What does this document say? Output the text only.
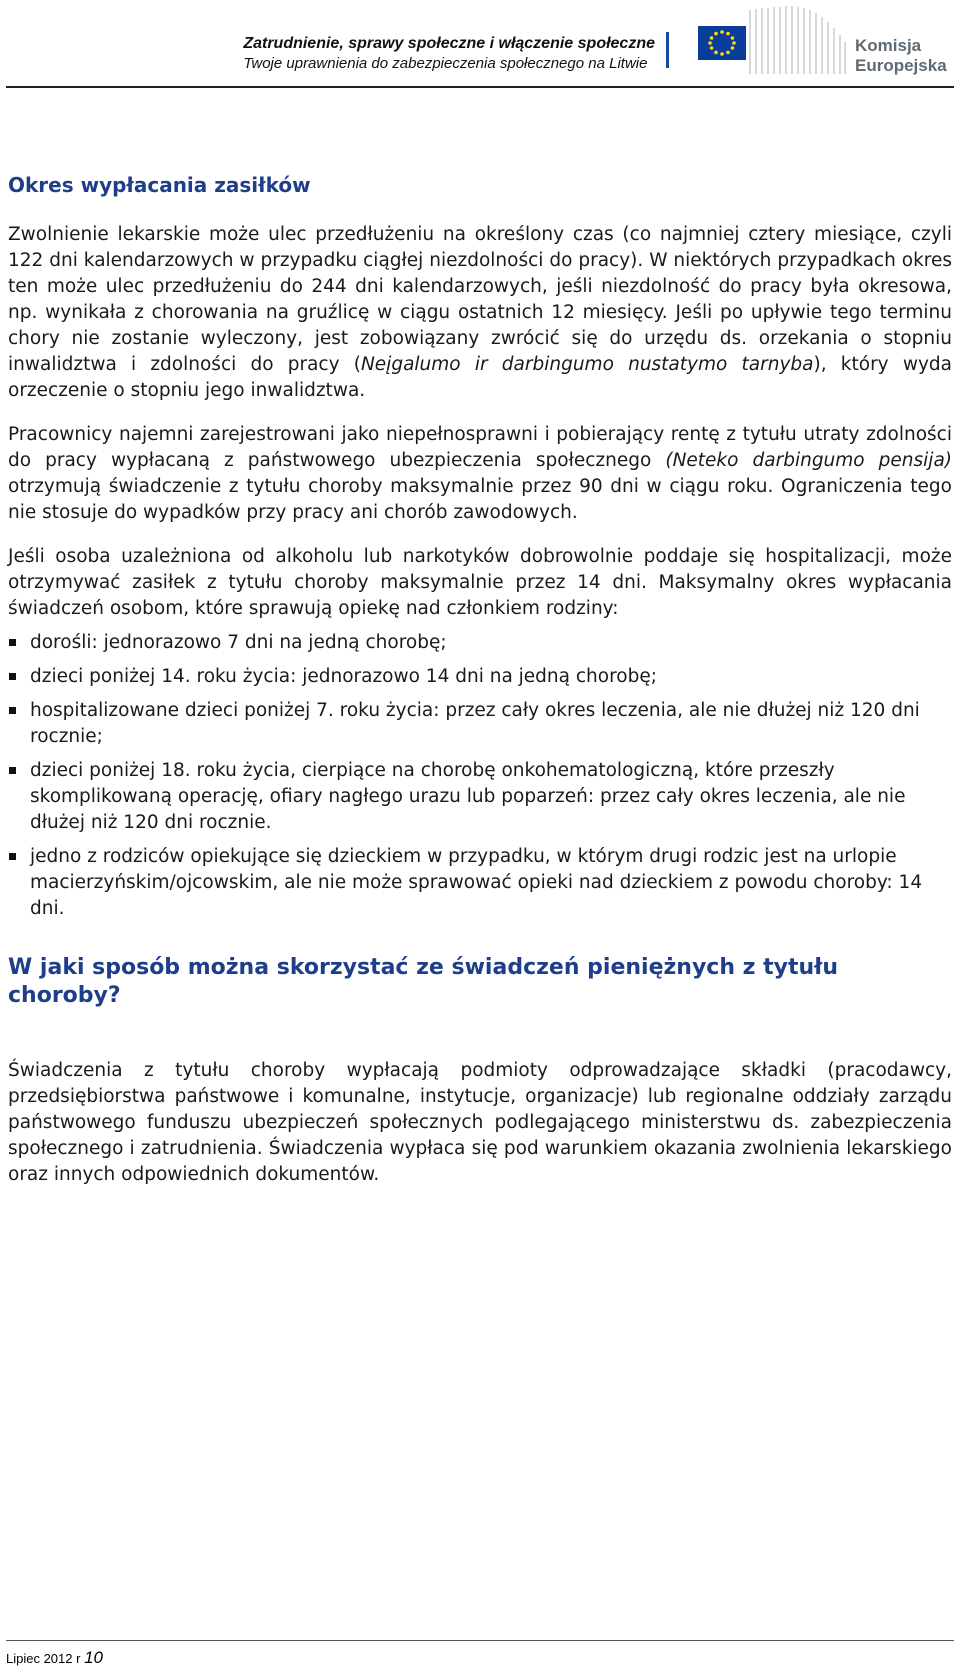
Zatrudnienie, sprawy społeczne i włączenie społeczne
Twoje uprawnienia do zabezpieczenia społecznego na Litwie
Komisja
Europejska
Okres wypłacania zasiłków

Zwolnienie lekarskie może ulec przedłużeniu na określony czas (co najmniej cztery miesiące, czyli 122 dni kalendarzowych w przypadku ciągłej niezdolności do pracy). W niektórych przypadkach okres ten może ulec przedłużeniu do 244 dni kalendarzowych, jeśli niezdolność do pracy była okresowa, np. wynikała z chorowania na gruźlicę w ciągu ostatnich 12 miesięcy. Jeśli po upływie tego terminu chory nie zostanie wyleczony, jest zobowiązany zwrócić się do urzędu ds. orzekania o stopniu inwalidztwa i zdolności do pracy (Neįgalumo ir darbingumo nustatymo tarnyba), który wyda orzeczenie o stopniu jego inwalidztwa.

Pracownicy najemni zarejestrowani jako niepełnosprawni i pobierający rentę z tytułu utraty zdolności do pracy wypłacaną z państwowego ubezpieczenia społecznego (Neteko darbingumo pensija) otrzymują świadczenie z tytułu choroby maksymalnie przez 90 dni w ciągu roku. Ograniczenia tego nie stosuje do wypadków przy pracy ani chorób zawodowych.

Jeśli osoba uzależniona od alkoholu lub narkotyków dobrowolnie poddaje się hospitalizacji, może otrzymywać zasiłek z tytułu choroby maksymalnie przez 14 dni. Maksymalny okres wypłacania świadczeń osobom, które sprawują opiekę nad członkiem rodziny:

dorośli: jednorazowo 7 dni na jedną chorobę;
dzieci poniżej 14. roku życia: jednorazowo 14 dni na jedną chorobę;
hospitalizowane dzieci poniżej 7. roku życia: przez cały okres leczenia, ale nie dłużej niż 120 dni rocznie;
dzieci poniżej 18. roku życia, cierpiące na chorobę onkohematologiczną, które przeszły skomplikowaną operację, ofiary nagłego urazu lub poparzeń: przez cały okres leczenia, ale nie dłużej niż 120 dni rocznie.
jedno z rodziców opiekujące się dzieckiem w przypadku, w którym drugi rodzic jest na urlopie macierzyńskim/ojcowskim, ale nie może sprawować opieki nad dzieckiem z powodu choroby: 14 dni.
W jaki sposób można skorzystać ze świadczeń pieniężnych z tytułu choroby?

Świadczenia z tytułu choroby wypłacają podmioty odprowadzające składki (pracodawcy, przedsiębiorstwa państwowe i komunalne, instytucje, organizacje) lub regionalne oddziały zarządu państwowego funduszu ubezpieczeń społecznych podlegającego ministerstwu ds. zabezpieczenia społecznego i zatrudnienia. Świadczenia wypłaca się pod warunkiem okazania zwolnienia lekarskiego oraz innych odpowiednich dokumentów.

Lipiec 2012 r 10
